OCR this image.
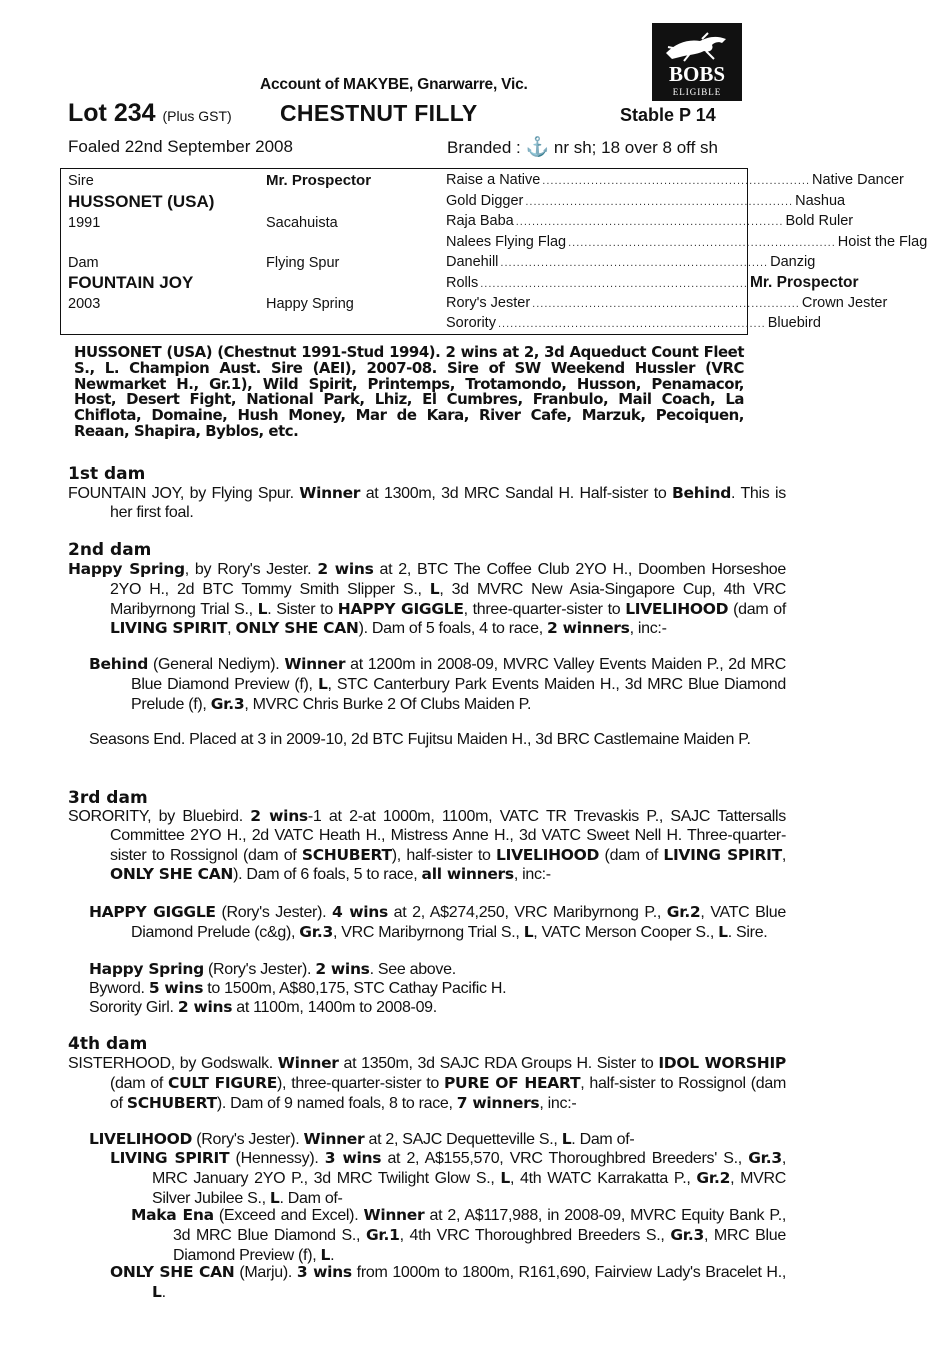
BOBS
ELIGIBLE
Account of MAKYBE, Gnarwarre, Vic.
Lot 234 (Plus GST) CHESTNUT FILLY	Stable P 14
Foaled 22nd September 2008	Branded : ⚓ nr sh; 18 over 8 off sh
Sire
HUSSONET (USA)
1991
Dam
FOUNTAIN JOY
2003
Mr. Prospector
Sacahuista
Flying Spur
Happy Spring
Raise a Native .................................................................. Native Dancer
Gold Digger .................................................................. Nashua
Raja Baba .................................................................. Bold Ruler
Nalees Flying Flag .................................................................. Hoist the Flag
Danehill .................................................................. Danzig
Rolls .................................................................. Mr. Prospector
Rory's Jester .................................................................. Crown Jester
Sorority .................................................................. Bluebird
HUSSONET (USA) (Chestnut 1991-Stud 1994). 2 wins at 2, 3d Aqueduct Count Fleet S., L. Champion Aust. Sire (AEI), 2007-08. Sire of SW Weekend Hussler (VRC Newmarket H., Gr.1), Wild Spirit, Printemps, Trotamondo, Husson, Penamacor, Host, Desert Fight, National Park, Lhiz, El Cumbres, Franbulo, Mail Coach, La Chiflota, Domaine, Hush Money, Mar de Kara, River Cafe, Marzuk, Pecoiquen, Reaan, Shapira, Byblos, etc.
1st dam
FOUNTAIN JOY, by Flying Spur. Winner at 1300m, 3d MRC Sandal H. Half-sister to Behind. This is her first foal.
2nd dam
Happy Spring, by Rory's Jester. 2 wins at 2, BTC The Coffee Club 2YO H., Doomben Horseshoe 2YO H., 2d BTC Tommy Smith Slipper S., L, 3d MVRC New Asia-Singapore Cup, 4th VRC Maribyrnong Trial S., L. Sister to HAPPY GIGGLE, three-quarter-sister to LIVELIHOOD (dam of LIVING SPIRIT, ONLY SHE CAN). Dam of 5 foals, 4 to race, 2 winners, inc:-
Behind (General Nediym). Winner at 1200m in 2008-09, MVRC Valley Events Maiden P., 2d MRC Blue Diamond Preview (f), L, STC Canterbury Park Events Maiden H., 3d MRC Blue Diamond Prelude (f), Gr.3, MVRC Chris Burke 2 Of Clubs Maiden P.
Seasons End. Placed at 3 in 2009-10, 2d BTC Fujitsu Maiden H., 3d BRC Castlemaine Maiden P.
3rd dam
SORORITY, by Bluebird. 2 wins-1 at 2-at 1000m, 1100m, VATC TR Trevaskis P., SAJC Tattersalls Committee 2YO H., 2d VATC Heath H., Mistress Anne H., 3d VATC Sweet Nell H. Three-quarter-sister to Rossignol (dam of SCHUBERT), half-sister to LIVELIHOOD (dam of LIVING SPIRIT, ONLY SHE CAN). Dam of 6 foals, 5 to race, all winners, inc:-
HAPPY GIGGLE (Rory's Jester). 4 wins at 2, A$274,250, VRC Maribyrnong P., Gr.2, VATC Blue Diamond Prelude (c&g), Gr.3, VRC Maribyrnong Trial S., L, VATC Merson Cooper S., L. Sire.
Happy Spring (Rory's Jester). 2 wins. See above.
Byword. 5 wins to 1500m, A$80,175, STC Cathay Pacific H.
Sorority Girl. 2 wins at 1100m, 1400m to 2008-09.
4th dam
SISTERHOOD, by Godswalk. Winner at 1350m, 3d SAJC RDA Groups H. Sister to IDOL WORSHIP (dam of CULT FIGURE), three-quarter-sister to PURE OF HEART, half-sister to Rossignol (dam of SCHUBERT). Dam of 9 named foals, 8 to race, 7 winners, inc:-
LIVELIHOOD (Rory's Jester). Winner at 2, SAJC Dequetteville S., L. Dam of-
LIVING SPIRIT (Hennessy). 3 wins at 2, A$155,570, VRC Thoroughbred Breeders' S., Gr.3, MRC January 2YO P., 3d MRC Twilight Glow S., L, 4th WATC Karrakatta P., Gr.2, MVRC Silver Jubilee S., L. Dam of-
Maka Ena (Exceed and Excel). Winner at 2, A$117,988, in 2008-09, MVRC Equity Bank P., 3d MRC Blue Diamond S., Gr.1, 4th VRC Thoroughbred Breeders S., Gr.3, MRC Blue Diamond Preview (f), L.
ONLY SHE CAN (Marju). 3 wins from 1000m to 1800m, R161,690, Fairview Lady's Bracelet H., L.
